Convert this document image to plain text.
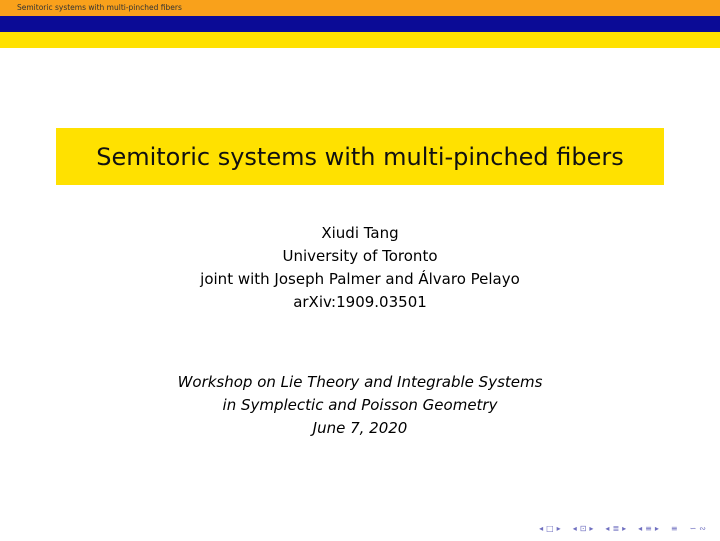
Semitoric systems with multi-pinched fibers
Semitoric systems with multi-pinched fibers
Xiudi Tang
University of Toronto
joint with Joseph Palmer and Álvaro Pelayo
arXiv:1909.03501
Workshop on Lie Theory and Integrable Systems
in Symplectic and Poisson Geometry
June 7, 2020
◂ □ ▸ ◂ ⊡ ▸ ◂ ≣ ▸ ◂ ≡ ▸ ≡ ∽ ∾
